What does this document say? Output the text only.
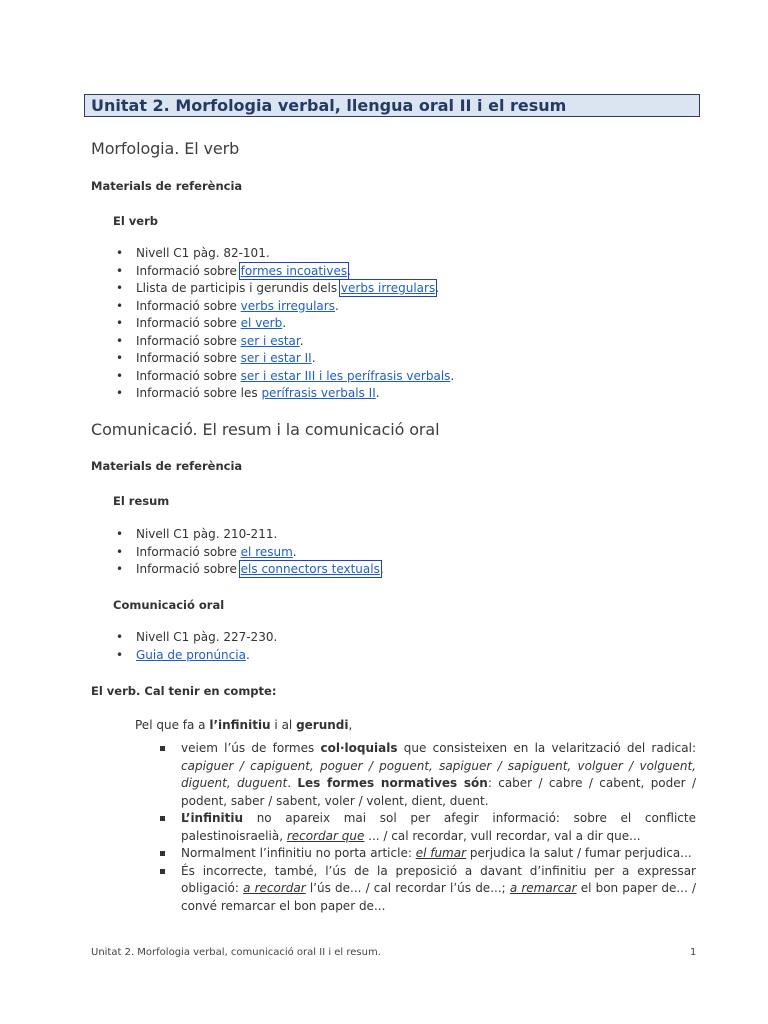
Unitat 2. Morfologia verbal, llengua oral II i el resum
Morfologia. El verb
Materials de referència
El verb
• Nivell C1 pàg. 82-101.
• Informació sobre formes incoatives.
• Llista de participis i gerundis dels verbs irregulars.
• Informació sobre verbs irregulars.
• Informació sobre el verb.
• Informació sobre ser i estar.
• Informació sobre ser i estar II.
• Informació sobre ser i estar III i les perífrasis verbals.
• Informació sobre les perífrasis verbals II.
Comunicació. El resum i la comunicació oral
Materials de referència
El resum
• Nivell C1 pàg. 210-211.
• Informació sobre el resum.
• Informació sobre els connectors textuals.
Comunicació oral
• Nivell C1 pàg. 227-230.
• Guia de pronúncia.
El verb. Cal tenir en compte:
Pel que fa a l’infinitiu i al gerundi,
veiem l’ús de formes col·loquials que consisteixen en la velarització del radical: capiguer / capiguent, poguer / poguent, sapiguer / sapiguent, volguer / volguent, diguent, duguent. Les formes normatives són: caber / cabre / cabent, poder / podent, saber / sabent, voler / volent, dient, duent.
L’infinitiu no apareix mai sol per afegir informació: sobre el conflicte palestinoisraelià, recordar que ... / cal recordar, vull recordar, val a dir que...
Normalment l’infinitiu no porta article: el fumar perjudica la salut / fumar perjudica...
És incorrecte, també, l’ús de la preposició a davant d’infinitiu per a expressar obligació: a recordar l’ús de... / cal recordar l’ús de...; a remarcar el bon paper de... / convé remarcar el bon paper de...
Unitat 2. Morfologia verbal, comunicació oral II i el resum.	1
